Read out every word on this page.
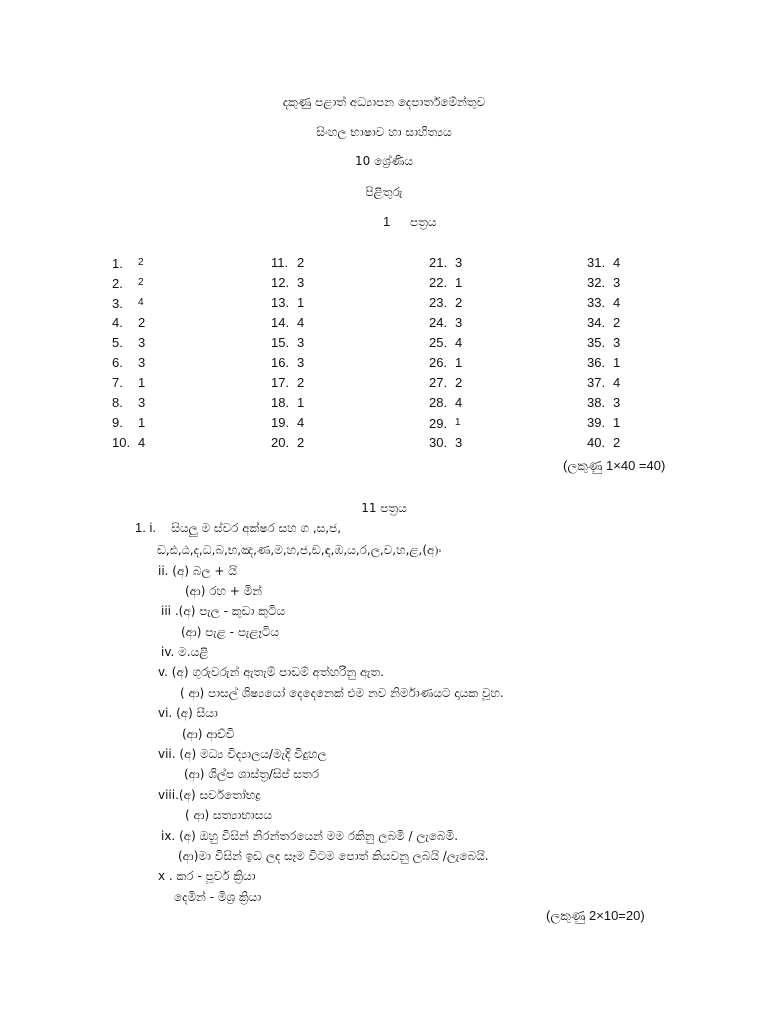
දකුණු පළාත් අධ්‍යාපන දෙපාර්තමේන්තුව
සිංහල භාෂාව හා සාහිත්‍යය
10 ශ්‍රේණිය
පිළිතුරු
1 පත්‍රය
1. 2
2. 2
3. 4
4. 2
5. 3
6. 3
7. 1
8. 3
9. 1
10. 4
11. 2
12. 3
13. 1
14. 4
15. 3
16. 3
17. 2
18. 1
19. 4
20. 2
21. 3
22. 1
23. 2
24. 3
25. 4
26. 1
27. 2
28. 4
29. 1
30. 3
31. 4
32. 3
33. 4
34. 2
35. 3
36. 1
37. 4
38. 3
39. 1
40. 2
(ලකුණු 1×40 =40)
11 පත්‍රය
1. i. සියලු ම ස්වර අක්ෂර සහ ග ,ස,ජ,
ඩ,ඪ,ඨ,ද,ධ,බ,භ,ඤ,ණ,ම,හ,ජ,ඞ,ඳ,ඹ,ය,ර,ල,ව,හ,ළ,(අ)ං
ii. (අ) බල + යි
(ආ) රහ + මින්
iii .(අ) පැල - කුඩා කුටිය
(ආ) පැළ - පැළෑටිය
iv. ම.යළි
v. (අ) ගුරුවරුන් ඇතැම් පාඩම් අත්හරිනු ඇත.
( ආ) පාසල් ශිෂ්‍යයෝ දෙදෙනෙක් එම නව නිර්මාණයට දායක වූහ.
vi. (අ) සීයා
(ආ) ආච්චි
vii. (අ) මධ්‍ය විද්‍යාලය/මැදි විදුහල
(ආ) ශිල්ප ශාස්ත්‍ර/සිප් සතර
viii.(අ) සර්වතෝභද්‍ර
( ආ) සත්‍යාභාසය
ix. (අ) ඔහු විසින් නිරන්තරයෙන් මම රකිනු ලබමි / ලැබෙමි.
(ආ)මා විසින් ඉඩ ලද සෑම විටම පොත් කියවනු ලබයි /ලැබෙයි.
x . කර - පූර්ව ක්‍රියා
දෙමින් - මිශ්‍ර ක්‍රියා
(ලකුණු 2×10=20)
